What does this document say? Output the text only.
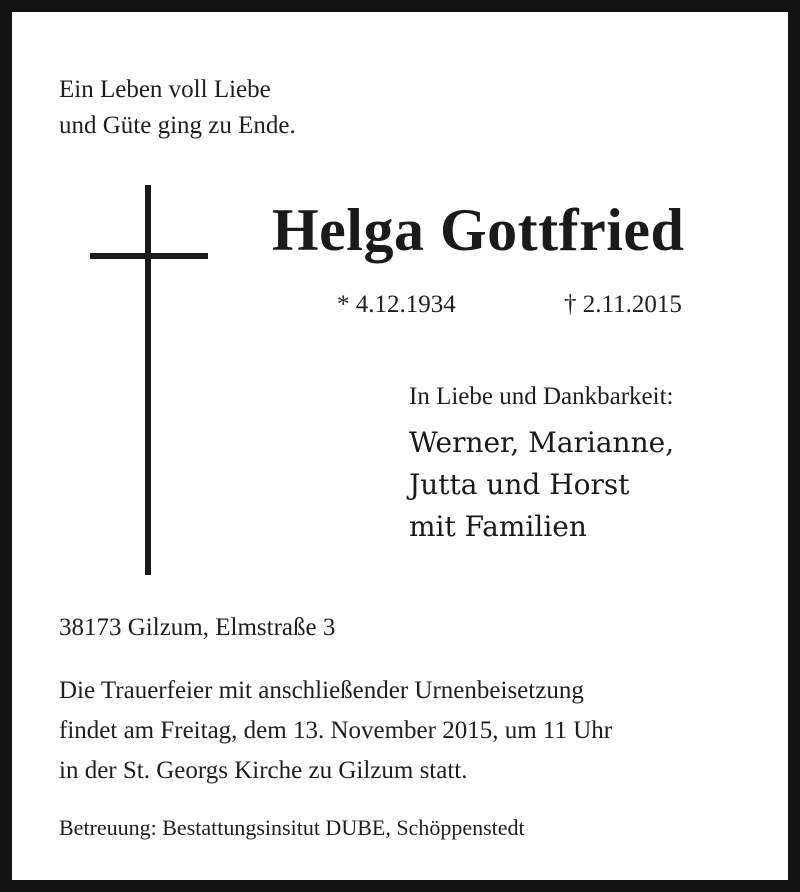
Ein Leben voll Liebe
und Güte ging zu Ende.

Helga Gottfried

* 4.12.1934	† 2.11.2015

In Liebe und Dankbarkeit:

Werner, Marianne,
Jutta und Horst
mit Familien

38173 Gilzum, Elmstraße 3

Die Trauerfeier mit anschließender Urnenbeisetzung
findet am Freitag, dem 13. November 2015, um 11 Uhr
in der St. Georgs Kirche zu Gilzum statt.

Betreuung: Bestattungsinsitut DUBE, Schöppenstedt
